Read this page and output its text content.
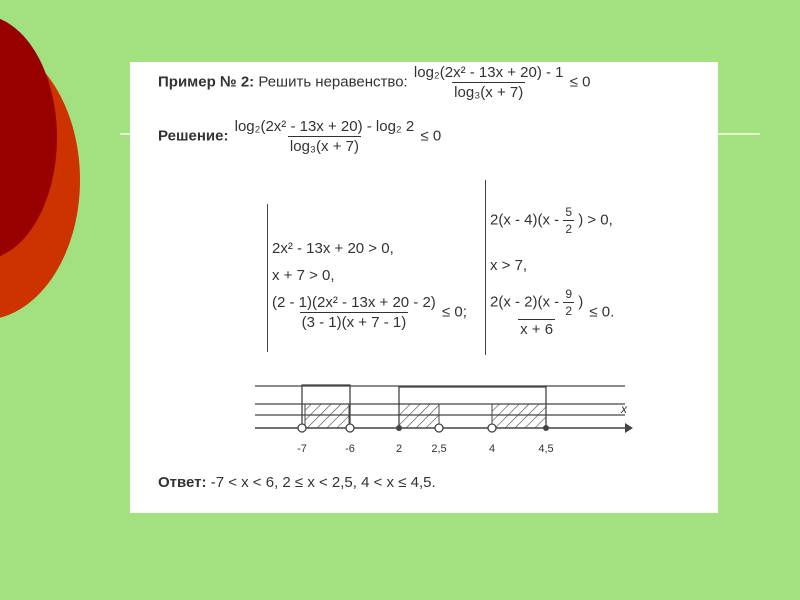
Пример № 2: Решить неравенство: $\frac{\text{log₂(2x² - 13x + 20) - 1}}{\text{log₃(x + 7)}} \le 0$
Решение: $\frac{\text{log₂(2x² - 13x + 20) - log₂ 2}}{\text{log₃(x + 7)}} \le 0$
2x² - 13x + 20 > 0,
x + 7 > 0,
$\frac{\text{(2 - 1)(2x² - 13x + 20 - 2)}}{(3 - 1)(x + 7 - 1)} \le 0$;
$2(x - 4)(x - \frac{5}{2}$ ) > 0,
x > 7,
$2(x - 2)(x - \frac{9}{2}$ )
x + 6
≤ 0.
x
-7	-6	2	2,5	4	4,5
Ответ: -7 < x < 6, 2 ≤ x < 2,5, 4 < x ≤ 4,5.
